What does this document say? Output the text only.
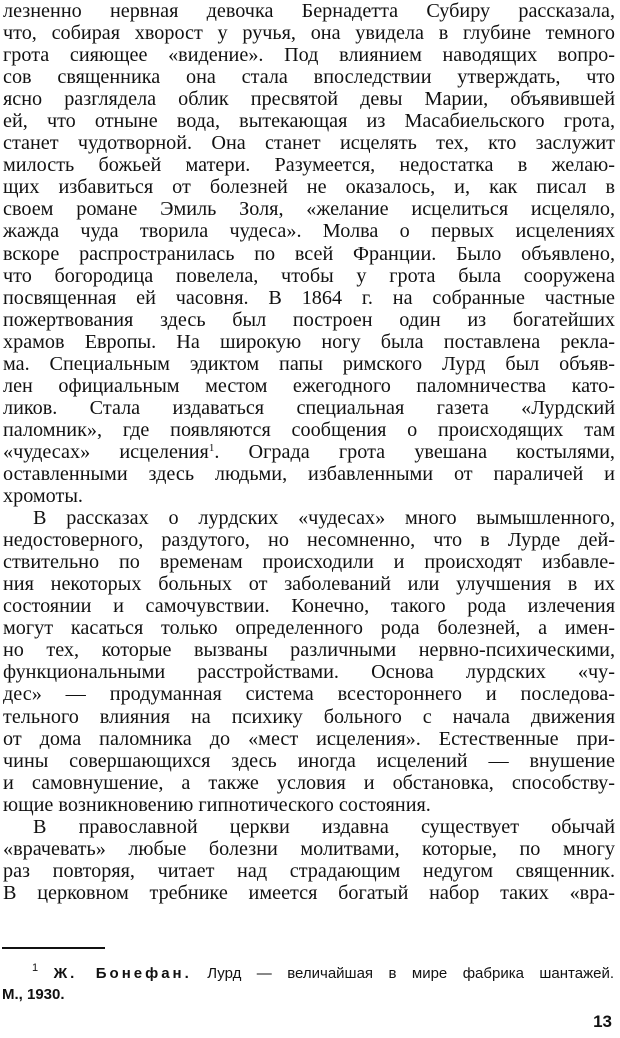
лезненно нервная девочка Бернадетта Субиру рассказала,
что, собирая хворост у ручья, она увидела в глубине темного
грота сияющее «видение». Под влиянием наводящих вопро-
сов священника она стала впоследствии утверждать, что
ясно разглядела облик пресвятой девы Марии, объявившей
ей, что отныне вода, вытекающая из Масабиельского грота,
станет чудотворной. Она станет исцелять тех, кто заслужит
милость божьей матери. Разумеется, недостатка в желаю-
щих избавиться от болезней не оказалось, и, как писал в
своем романе Эмиль Золя, «желание исцелиться исцеляло,
жажда чуда творила чудеса». Молва о первых исцелениях
вскоре распространилась по всей Франции. Было объявлено,
что богородица повелела, чтобы у грота была сооружена
посвященная ей часовня. В 1864 г. на собранные частные
пожертвования здесь был построен один из богатейших
храмов Европы. На широкую ногу была поставлена рекла-
ма. Специальным эдиктом папы римского Лурд был объяв-
лен официальным местом ежегодного паломничества като-
ликов. Стала издаваться специальная газета «Лурдский
паломник», где появляются сообщения о происходящих там
«чудесах» исцеления$^1$. Ограда грота увешана костылями,
оставленными здесь людьми, избавленными от параличей и
хромоты.
В рассказах о лурдских «чудесах» много вымышленного,
недостоверного, раздутого, но несомненно, что в Лурде дей-
ствительно по временам происходили и происходят избавле-
ния некоторых больных от заболеваний или улучшения в их
состоянии и самочувствии. Конечно, такого рода излечения
могут касаться только определенного рода болезней, а имен-
но тех, которые вызваны различными нервно-психическими,
функциональными расстройствами. Основа лурдских «чу-
дес» — продуманная система всестороннего и последова-
тельного влияния на психику больного с начала движения
от дома паломника до «мест исцеления». Естественные при-
чины совершающихся здесь иногда исцелений — внушение
и самовнушение, а также условия и обстановка, способству-
ющие возникновению гипнотического состояния.
В православной церкви издавна существует обычай
«врачевать» любые болезни молитвами, которые, по многу
раз повторяя, читает над страдающим недугом священник.
В церковном требнике имеется богатый набор таких «вра-
$^1$ Ж. Бонефан. Лурд — величайшая в мире фабрика шантажей.
М., 1930.
13
